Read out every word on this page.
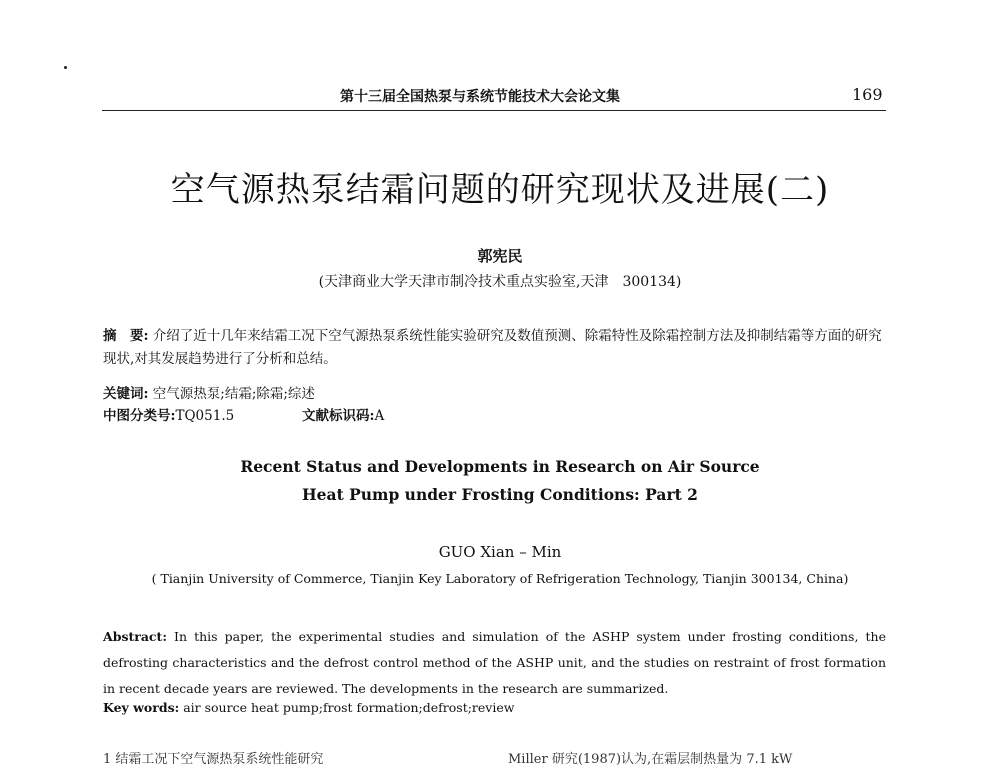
第十三届全国热泵与系统节能技术大会论文集	169
空气源热泵结霜问题的研究现状及进展(二)
郭宪民
(天津商业大学天津市制冷技术重点实验室,天津　300134)
摘　要: 介绍了近十几年来结霜工况下空气源热泵系统性能实验研究及数值预测、除霜特性及除霜控制方法及抑制结霜等方面的研究现状,对其发展趋势进行了分析和总结。
关键词: 空气源热泵;结霜;除霜;综述
中图分类号:TQ051.5	文献标识码:A
Recent Status and Developments in Research on Air Source
Heat Pump under Frosting Conditions: Part 2
GUO Xian – Min
( Tianjin University of Commerce, Tianjin Key Laboratory of Refrigeration Technology, Tianjin 300134, China)
Abstract: In this paper, the experimental studies and simulation of the ASHP system under frosting conditions, the defrosting characteristics and the defrost control method of the ASHP unit, and the studies on restraint of frost formation in recent decade years are reviewed. The developments in the research are summarized.
Key words: air source heat pump;frost formation;defrost;review
1 结霜工况下空气源热泵系统性能研究	Miller 研究(1987)认为,在霜层制热量为 7.1 kW
